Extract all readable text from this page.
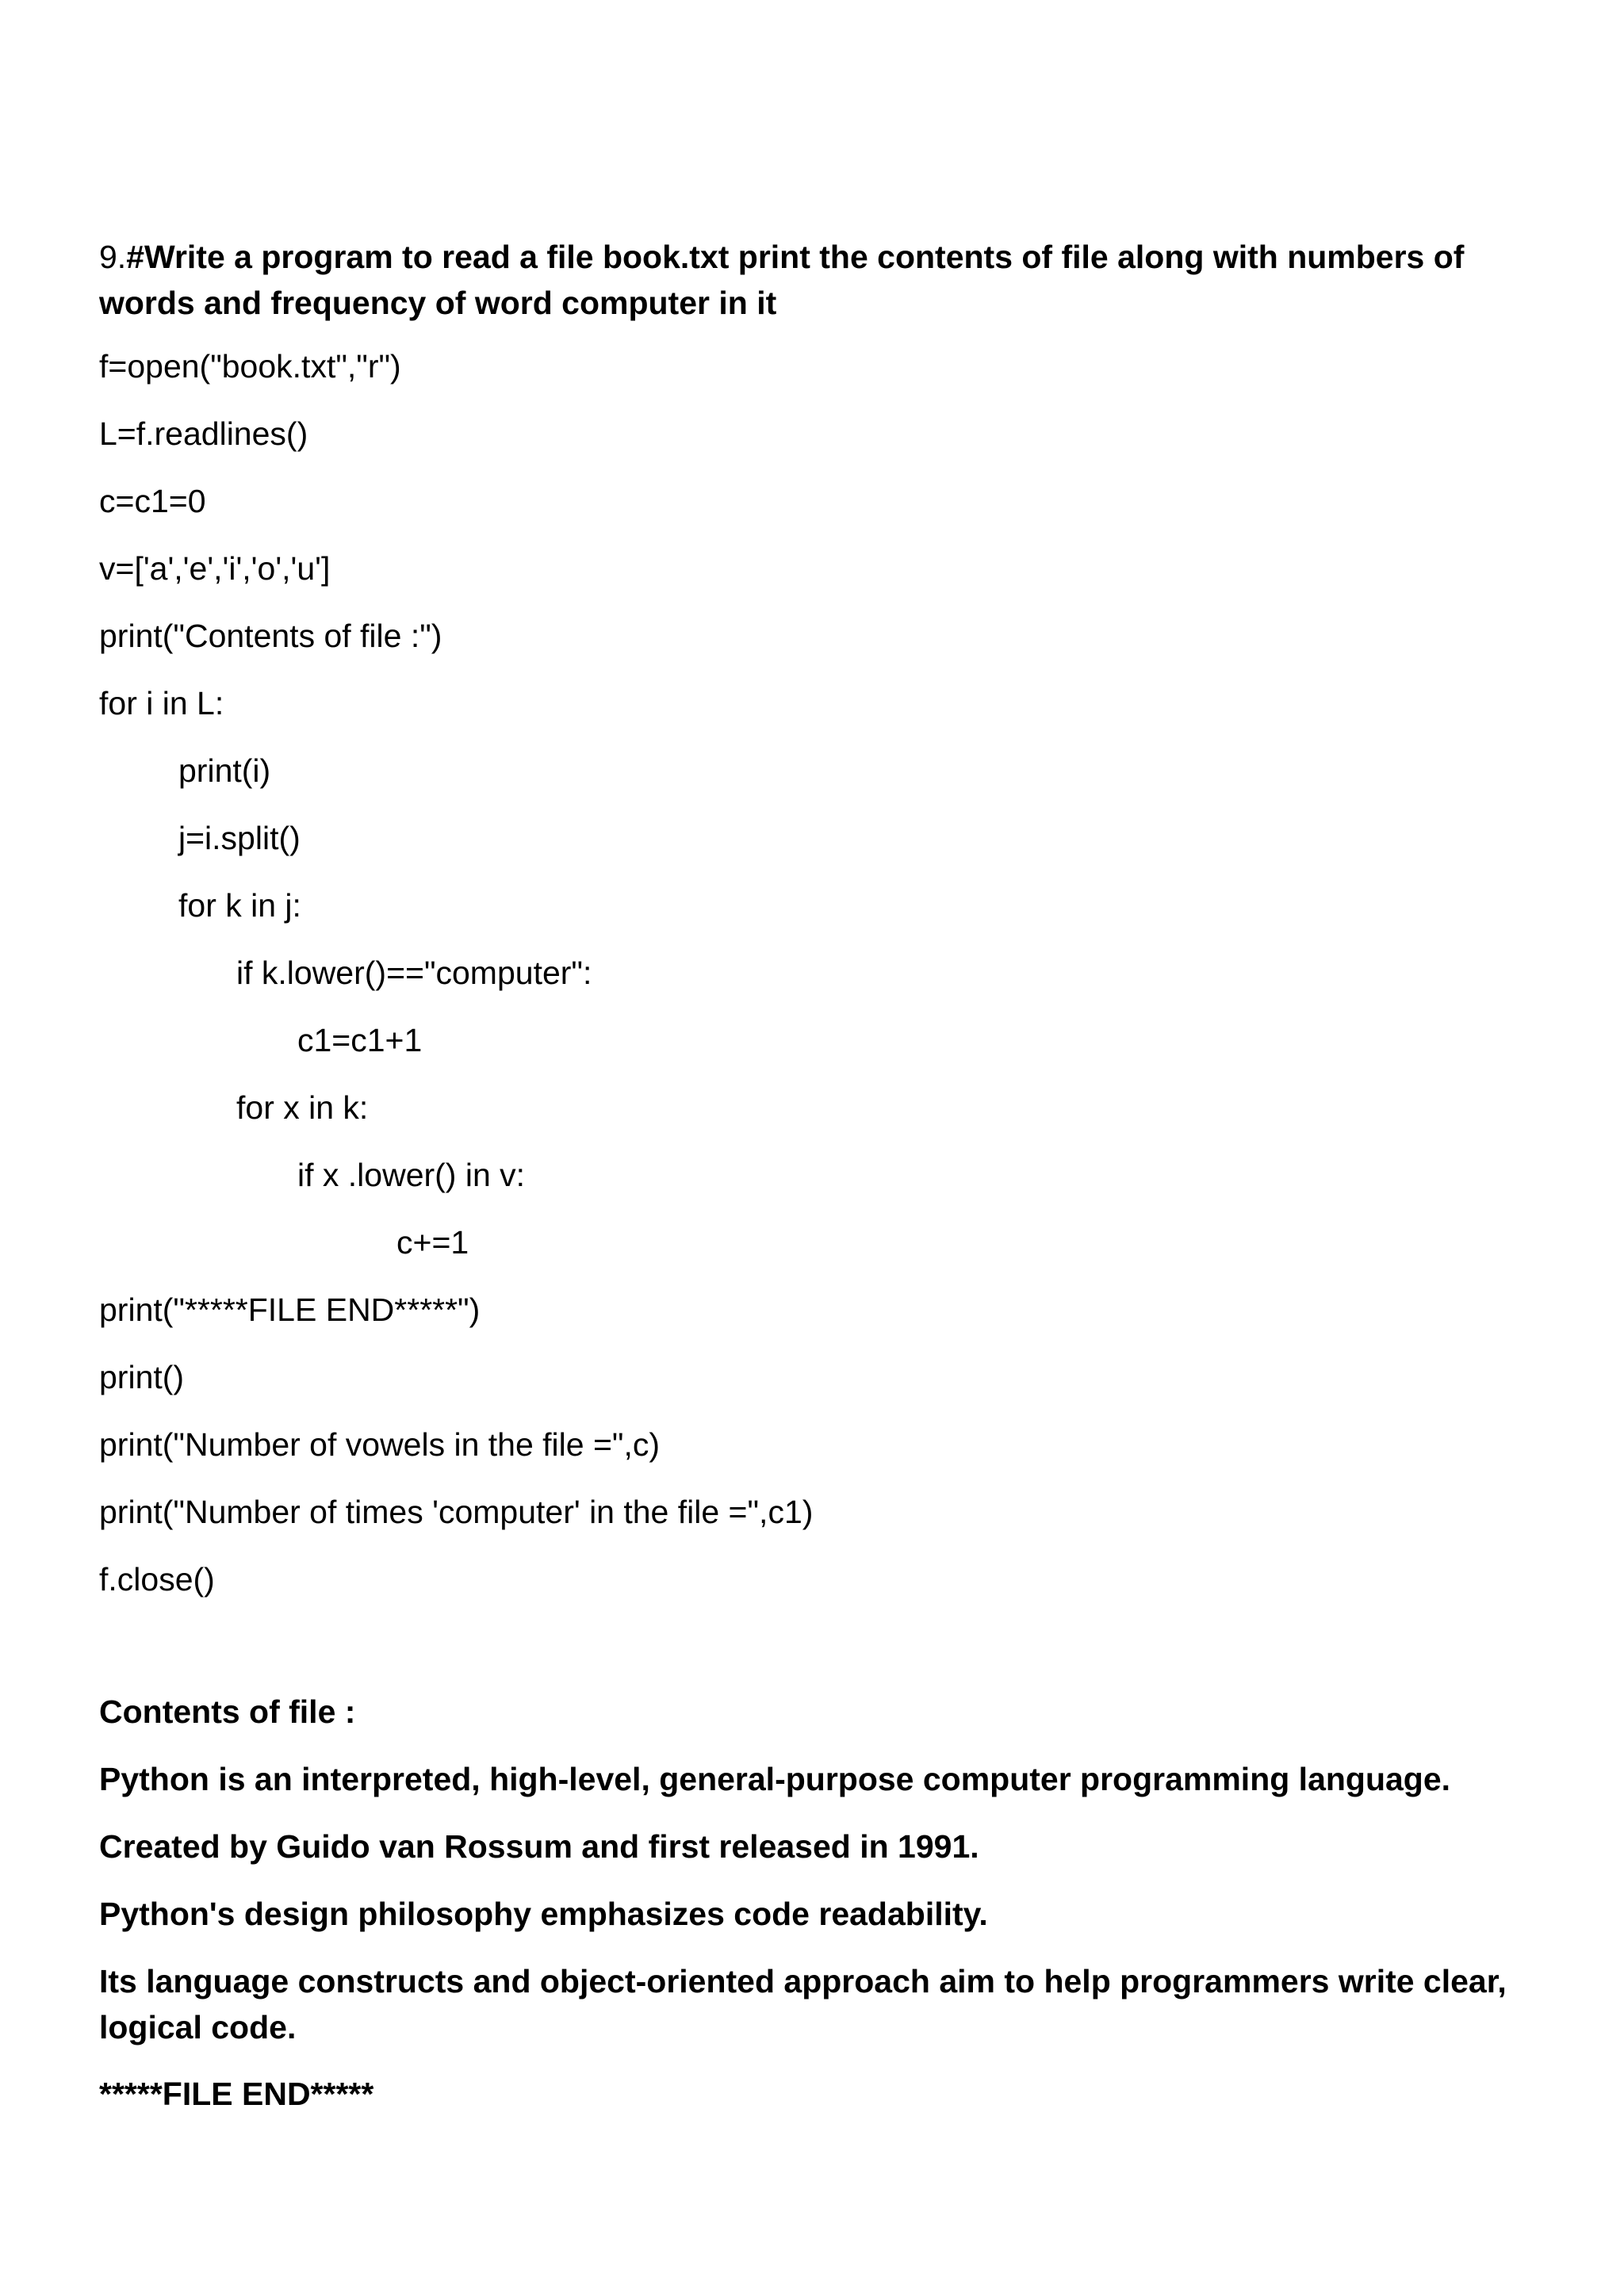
9.#Write a program to read a file book.txt print the contents of file along with numbers of words and frequency of word computer in it
f=open("book.txt","r")
L=f.readlines()
c=c1=0
v=['a','e','i','o','u']
print("Contents of file :")
for i in L:
print(i)
j=i.split()
for k in j:
if k.lower()=="computer":
c1=c1+1
for x in k:
if x .lower() in v:
c+=1
print("*****FILE END*****")
print()
print("Number of vowels in the file =",c)
print("Number of times 'computer' in the file =",c1)
f.close()
Contents of file :
Python is an interpreted, high-level, general-purpose computer programming language.
Created by Guido van Rossum and first released in 1991.
Python's design philosophy emphasizes code readability.
Its language constructs and object-oriented approach aim to help programmers write clear, logical code.
*****FILE END*****
